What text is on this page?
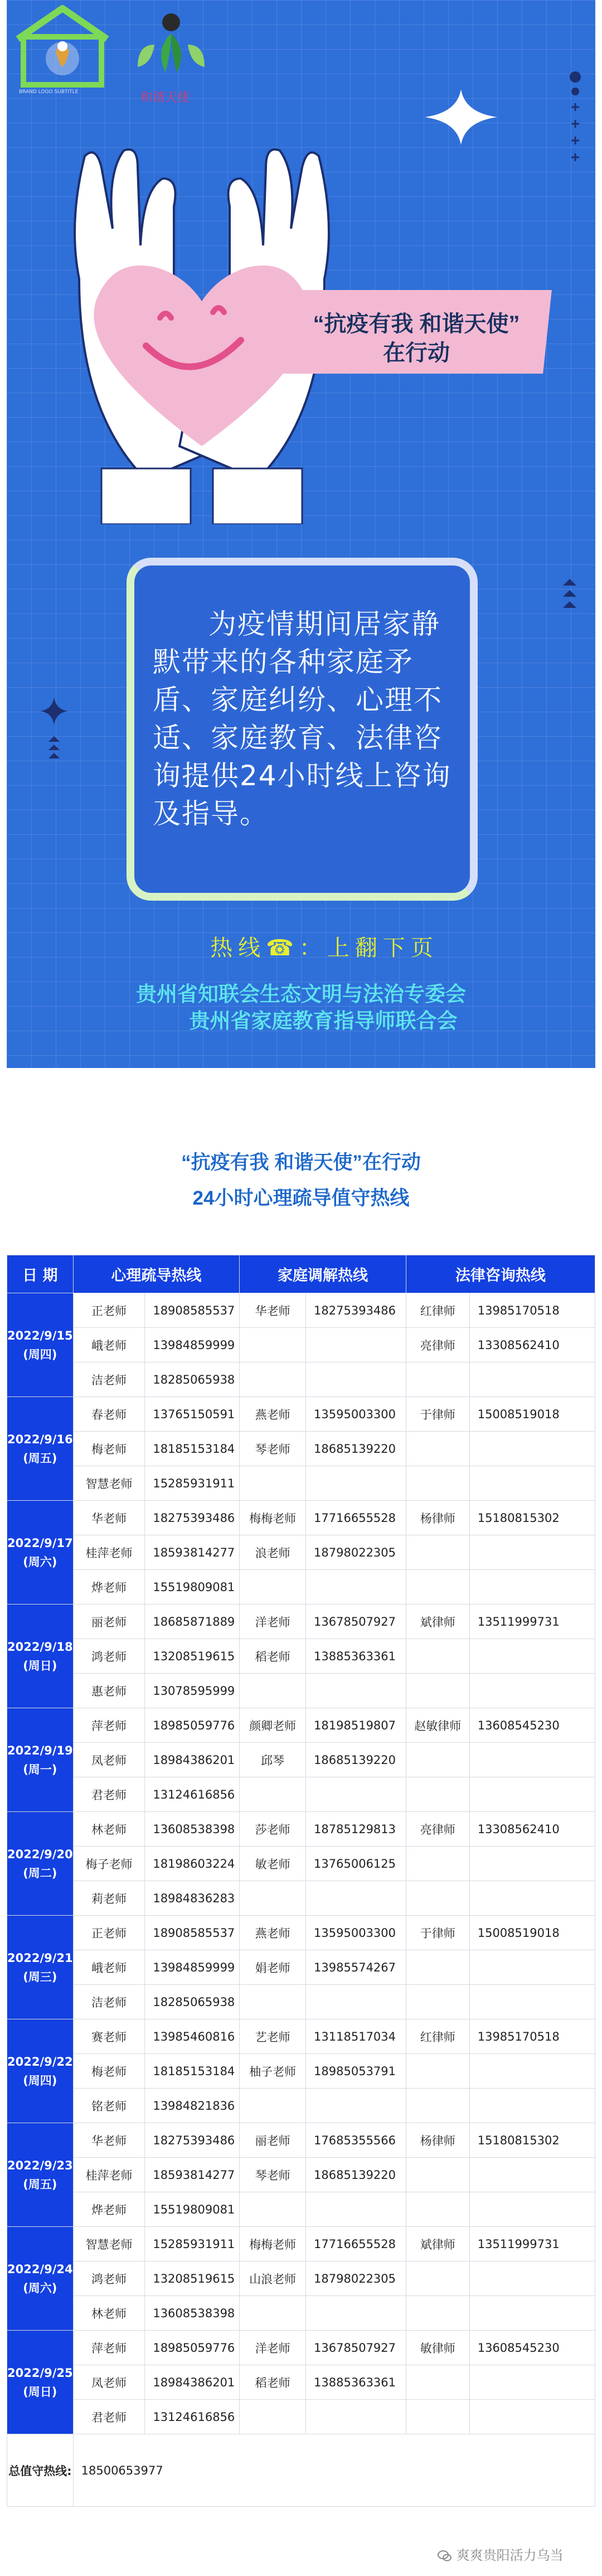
BRAND LOGO SUBTITLE	和谐天使
“抗疫有我 和谐天使”
在行动
为疫情期间居家静默带来的各种家庭矛盾、家庭纠纷、心理不适、家庭教育、法律咨询提供24小时线上咨询及指导。
热线☎：上翻下页
贵州省知联会生态文明与法治专委会
贵州省家庭教育指导师联合会
“抗疫有我 和谐天使”在行动
24小时心理疏导值守热线
日 期	心理疏导热线		家庭调解热线		法律咨询热线	

2022/9/15
(周四)	正老师	18908585537	华老师	18275393486	红律师	13985170518
	峨老师	13984859999			亮律师	13308562410
	洁老师	18285065938				

2022/9/16
(周五)	春老师	13765150591	燕老师	13595003300	于律师	15008519018
	梅老师	18185153184	琴老师	18685139220		
	智慧老师	15285931911				

2022/9/17
(周六)	华老师	18275393486	梅梅老师	17716655528	杨律师	15180815302
	桂萍老师	18593814277	浪老师	18798022305		
	烨老师	15519809081				

2022/9/18
(周日)	丽老师	18685871889	洋老师	13678507927	斌律师	13511999731
	鸿老师	13208519615	稻老师	13885363361		
	惠老师	13078595999				

2022/9/19
(周一)	萍老师	18985059776	颜卿老师	18198519807	赵敏律师	13608545230
	凤老师	18984386201	邱琴	18685139220		
	君老师	13124616856				

2022/9/20
(周二)	林老师	13608538398	莎老师	18785129813	亮律师	13308562410
	梅子老师	18198603224	敏老师	13765006125		
	莉老师	18984836283				

2022/9/21
(周三)	正老师	18908585537	燕老师	13595003300	于律师	15008519018
	峨老师	13984859999	娟老师	13985574267		
	洁老师	18285065938				

2022/9/22
(周四)	赛老师	13985460816	艺老师	13118517034	红律师	13985170518
	梅老师	18185153184	柚子老师	18985053791		
	铭老师	13984821836				

2022/9/23
(周五)	华老师	18275393486	丽老师	17685355566	杨律师	15180815302
	桂萍老师	18593814277	琴老师	18685139220		
	烨老师	15519809081				

2022/9/24
(周六)	智慧老师	15285931911	梅梅老师	17716655528	斌律师	13511999731
	鸿老师	13208519615	山浪老师	18798022305		
	林老师	13608538398				

2022/9/25
(周日)	萍老师	18985059776	洋老师	13678507927	敏律师	13608545230
	凤老师	18984386201	稻老师	13885363361		
	君老师	13124616856				
总值守热线:	18500653977					
爽爽贵阳活力乌当
